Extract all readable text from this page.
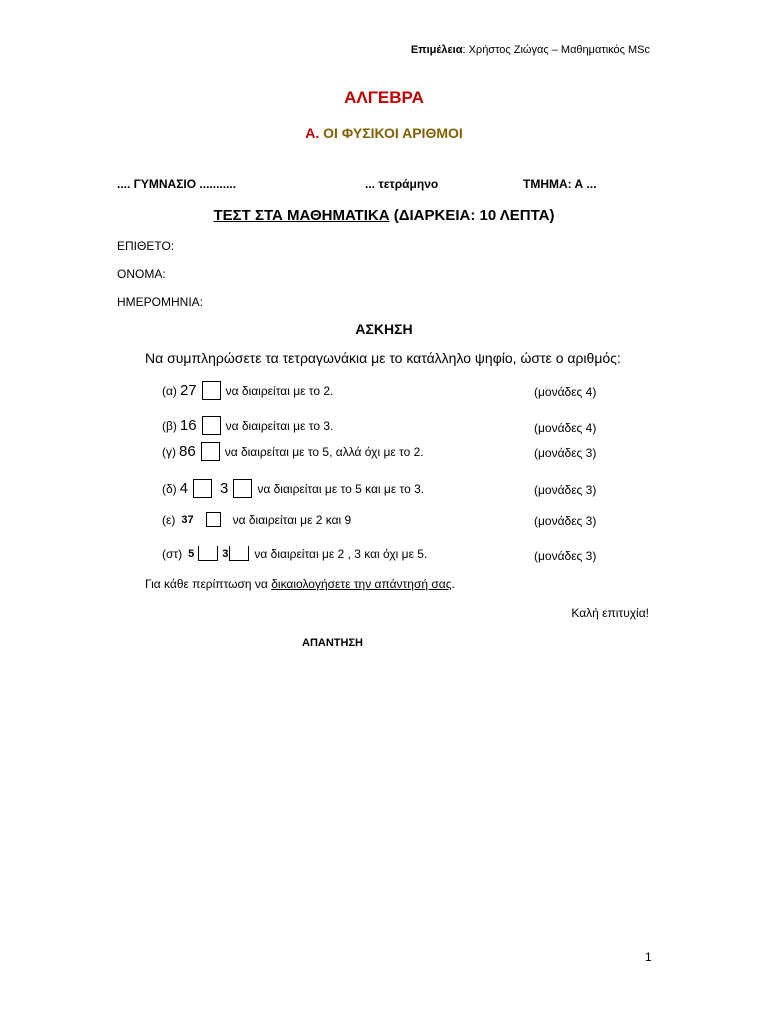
Επιμέλεια: Χρήστος Ζιώγας – Μαθηματικός MSc
ΑΛΓΕΒΡΑ
Α. ΟΙ ΦΥΣΙΚΟΙ ΑΡΙΘΜΟΙ
.... ΓΥΜΝΑΣΙΟ ...........	... τετράμηνο	ΤΜΗΜΑ: Α ...
ΤΕΣΤ ΣΤΑ ΜΑΘΗΜΑΤΙΚΑ (ΔΙΑΡΚΕΙΑ: 10 ΛΕΠΤΑ)
ΕΠΙΘΕΤΟ:
ΟΝΟΜΑ:
ΗΜΕΡΟΜΗΝΙΑ:
ΑΣΚΗΣΗ
Να συμπληρώσετε τα τετραγωνάκια με το κατάλληλο ψηφίο, ώστε ο αριθμός:
(α) 27 να διαιρείται με το 2.	(μονάδες 4)
(β) 16 να διαιρείται με το 3.	(μονάδες 4)
(γ) 86 να διαιρείται με το 5, αλλά όχι με το 2.	(μονάδες 3)
(δ) 4 3 να διαιρείται με το 5 και με το 3.	(μονάδες 3)
(ε) 37	να διαιρείται με 2 και 9	(μονάδες 3)
(στ) 5	3 να διαιρείται με 2 , 3 και όχι με 5.	(μονάδες 3)
Για κάθε περίπτωση να δικαιολογήσετε την απάντησή σας.
Καλή επιτυχία!
ΑΠΑΝΤΗΣΗ
1
